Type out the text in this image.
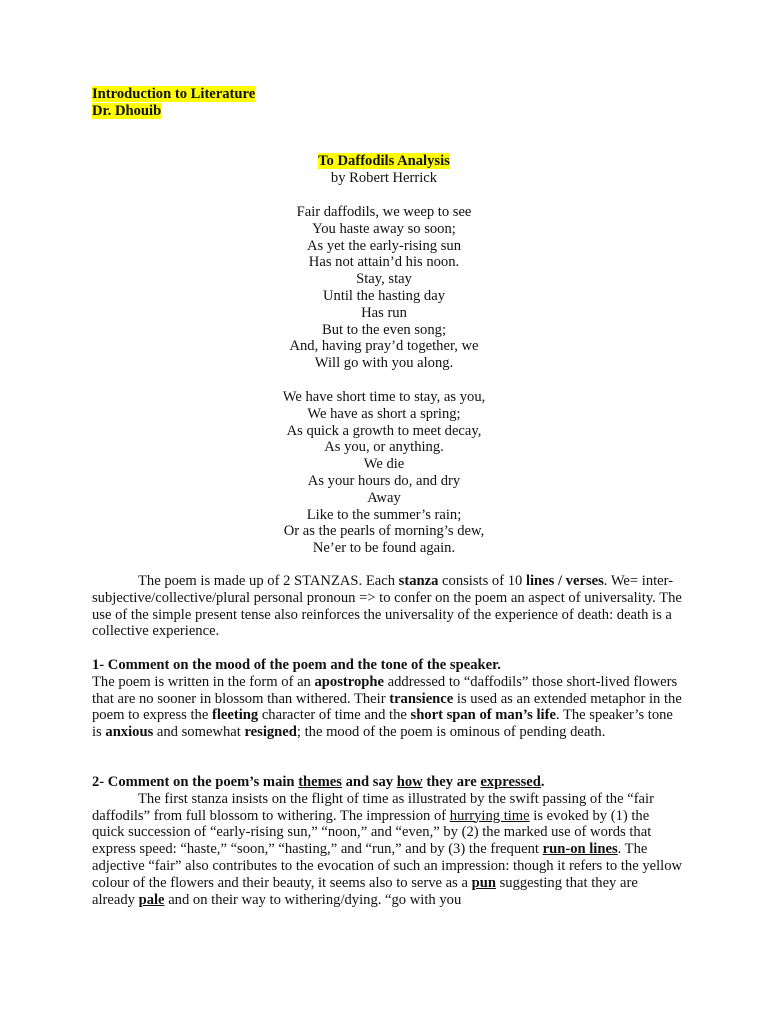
Introduction to Literature
Dr. Dhouib
To Daffodils Analysis
by Robert Herrick
Fair daffodils, we weep to see
You haste away so soon;
As yet the early-rising sun
Has not attain’d his noon.
Stay, stay
Until the hasting day
Has run
But to the even song;
And, having pray’d together, we
Will go with you along.
We have short time to stay, as you,
We have as short a spring;
As quick a growth to meet decay,
As you, or anything.
We die
As your hours do, and dry
Away
Like to the summer’s rain;
Or as the pearls of morning’s dew,
Ne’er to be found again.

The poem is made up of 2 STANZAS. Each stanza consists of 10 lines / verses. We= inter-subjective/collective/plural personal pronoun => to confer on the poem an aspect of universality. The use of the simple present tense also reinforces the universality of the experience of death: death is a collective experience.

1- Comment on the mood of the poem and the tone of the speaker.

The poem is written in the form of an apostrophe addressed to “daffodils” those short-lived flowers that are no sooner in blossom than withered. Their transience is used as an extended metaphor in the poem to express the fleeting character of time and the short span of man’s life. The speaker’s tone is anxious and somewhat resigned; the mood of the poem is ominous of pending death.

2- Comment on the poem’s main themes and say how they are expressed.

The first stanza insists on the flight of time as illustrated by the swift passing of the “fair daffodils” from full blossom to withering. The impression of hurrying time is evoked by (1) the quick succession of “early-rising sun,” “noon,” and “even,” by (2) the marked use of words that express speed: “haste,” “soon,” “hasting,” and “run,” and by (3) the frequent run-on lines. The adjective “fair” also contributes to the evocation of such an impression: though it refers to the yellow colour of the flowers and their beauty, it seems also to serve as a pun suggesting that they are already pale and on their way to withering/dying. “go with you
